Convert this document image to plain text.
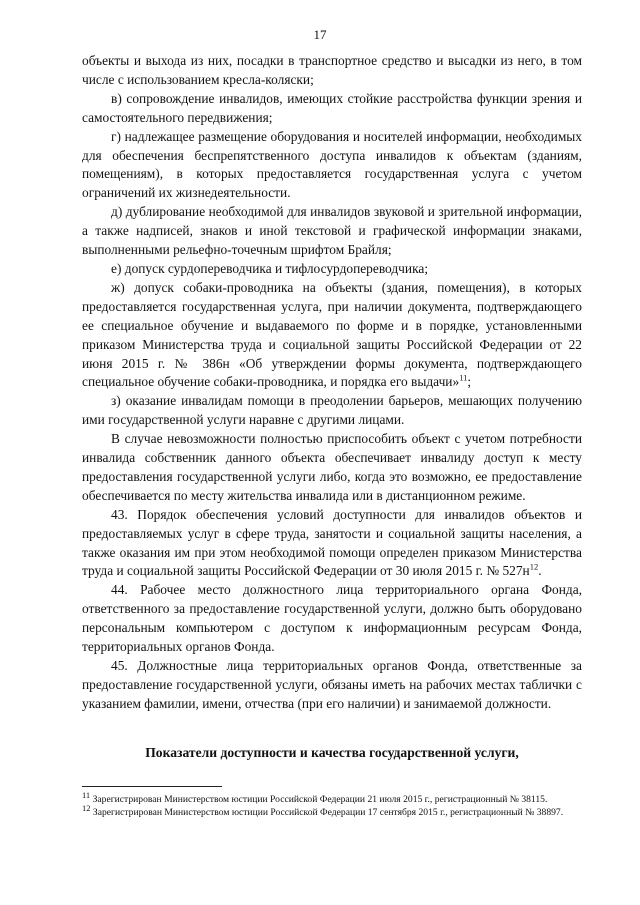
17

объекты и выхода из них, посадки в транспортное средство и высадки из него, в том числе с использованием кресла-коляски;

в) сопровождение инвалидов, имеющих стойкие расстройства функции зрения и самостоятельного передвижения;

г) надлежащее размещение оборудования и носителей информации, необходимых для обеспечения беспрепятственного доступа инвалидов к объектам (зданиям, помещениям), в которых предоставляется государственная услуга с учетом ограничений их жизнедеятельности.

д) дублирование необходимой для инвалидов звуковой и зрительной информации, а также надписей, знаков и иной текстовой и графической информации знаками, выполненными рельефно-точечным шрифтом Брайля;

е) допуск сурдопереводчика и тифлосурдопереводчика;

ж) допуск собаки-проводника на объекты (здания, помещения), в которых предоставляется государственная услуга, при наличии документа, подтверждающего ее специальное обучение и выдаваемого по форме и в порядке, установленными приказом Министерства труда и социальной защиты Российской Федерации от 22 июня 2015 г. № 386н «Об утверждении формы документа, подтверждающего специальное обучение собаки-проводника, и порядка его выдачи»$^{11}$;

з) оказание инвалидам помощи в преодолении барьеров, мешающих получению ими государственной услуги наравне с другими лицами.

В случае невозможности полностью приспособить объект с учетом потребности инвалида собственник данного объекта обеспечивает инвалиду доступ к месту предоставления государственной услуги либо, когда это возможно, ее предоставление обеспечивается по месту жительства инвалида или в дистанционном режиме.

43. Порядок обеспечения условий доступности для инвалидов объектов и предоставляемых услуг в сфере труда, занятости и социальной защиты населения, а также оказания им при этом необходимой помощи определен приказом Министерства труда и социальной защиты Российской Федерации от 30 июля 2015 г. № $527н^{12}$.

44. Рабочее место должностного лица территориального органа Фонда, ответственного за предоставление государственной услуги, должно быть оборудовано персональным компьютером с доступом к информационным ресурсам Фонда, территориальных органов Фонда.

45. Должностные лица территориальных органов Фонда, ответственные за предоставление государственной услуги, обязаны иметь на рабочих местах таблички с указанием фамилии, имени, отчества (при его наличии) и занимаемой должности.

Показатели доступности и качества государственной услуги,

$^{11}$ Зарегистрирован Министерством юстиции Российской Федерации 21 июля 2015 г., регистрационный № 38115.

$^{12}$ Зарегистрирован Министерством юстиции Российской Федерации 17 сентября 2015 г., регистрационный № 38897.
